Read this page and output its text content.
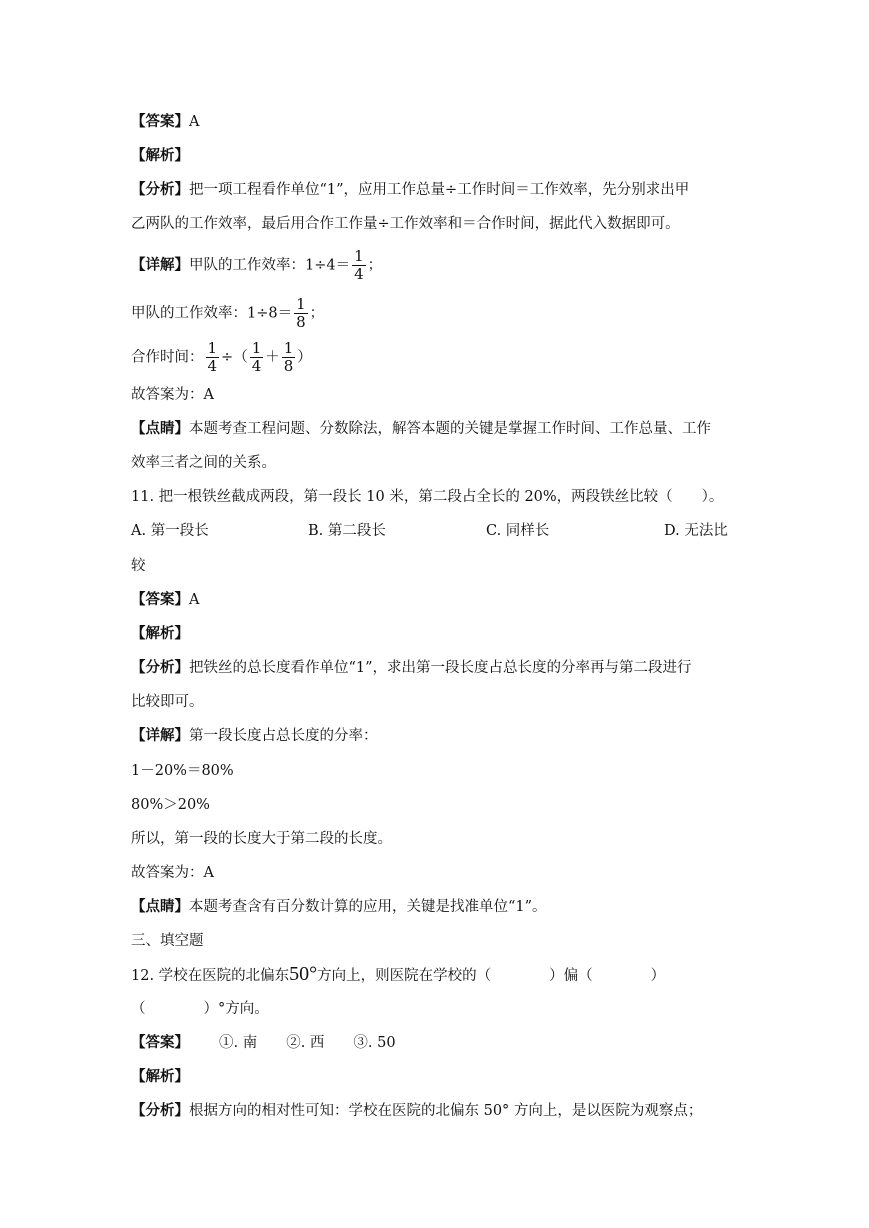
【答案】A
【解析】
【分析】把一项工程看作单位“1”，应用工作总量÷工作时间＝工作效率，先分别求出甲
乙两队的工作效率，最后用合作工作量÷工作效率和＝合作时间，据此代入数据即可。
【详解】甲队的工作效率：$1\div 4= \frac{1}{4}$ ；
甲队的工作效率：$1\div 8= \frac{1}{8}$ ；
合作时间： $\frac{1}{4}$ ÷（ $\frac{1}{4} + \frac{1}{8}$ ）
故答案为：A
【点睛】本题考查工程问题、分数除法，解答本题的关键是掌握工作时间、工作总量、工作
效率三者之间的关系。
11. 把一根铁丝截成两段，第一段长 10 米，第二段占全长的 20%，两段铁丝比较（　　）。
A. 第一段长	B. 第二段长	C. 同样长	D. 无法比
较
【答案】A
【解析】
【分析】把铁丝的总长度看作单位“1”，求出第一段长度占总长度的分率再与第二段进行
比较即可。
【详解】第一段长度占总长度的分率：
1－20%＝80%
80%＞20%
所以，第一段的长度大于第二段的长度。
故答案为：A
【点睛】本题考查含有百分数计算的应用，关键是找准单位“1”。
三、填空题
12. 学校在医院的北偏东50°方向上，则医院在学校的（　　　　）偏（　　　　）
（　　　　）°方向。
【答案】 ①. 南　　②. 西　　③. 50
【解析】
【分析】根据方向的相对性可知：学校在医院的北偏东 50° 方向上，是以医院为观察点；
